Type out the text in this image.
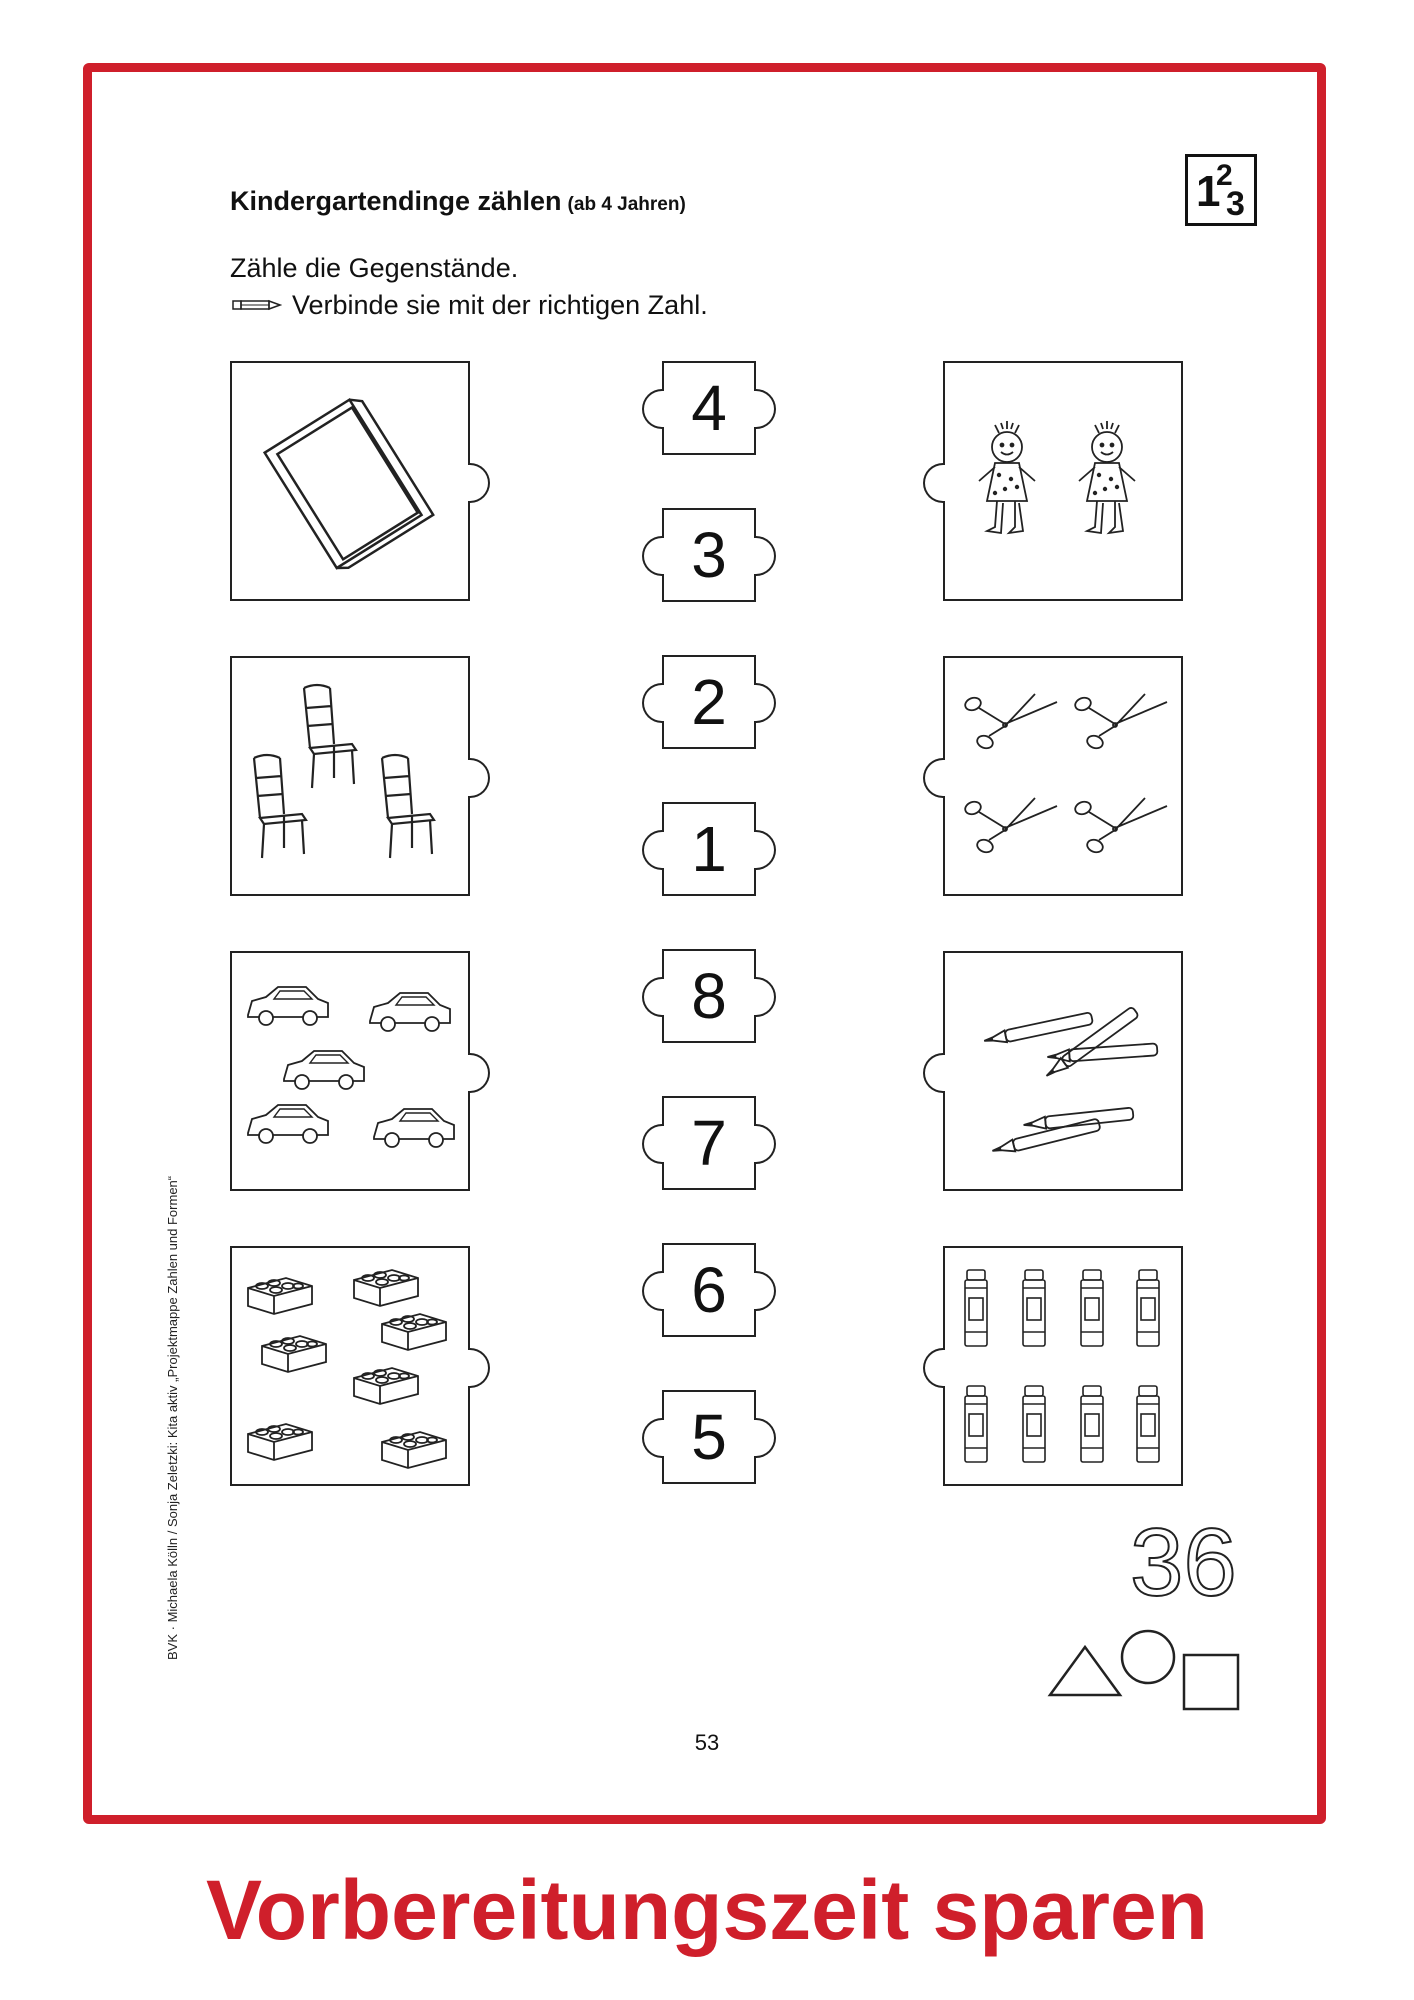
Kindergartendinge zählen (ab 4 Jahren)	1
2
3
Zähle die Gegenstände.
Verbinde sie mit der richtigen Zahl.
4
3
2
1
8
7
6
5
36
BVK · Michaela Kölln / Sonja Zeletzki: Kita aktiv „Projektmappe Zahlen und Formen“
53
Vorbereitungszeit sparen
